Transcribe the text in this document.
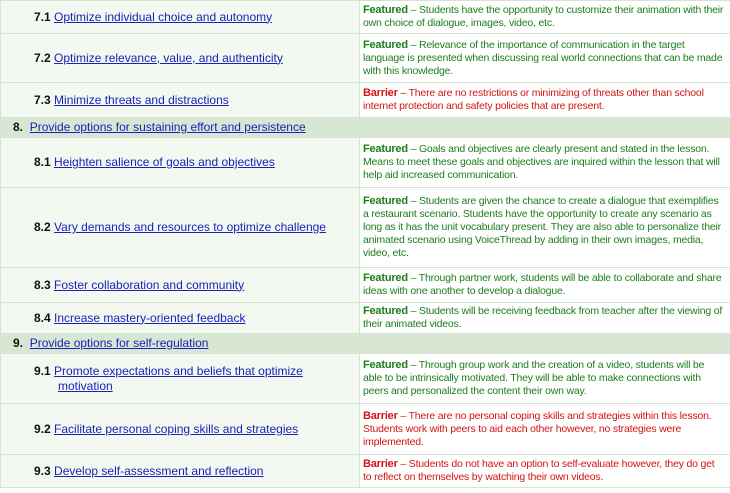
7.1 Optimize individual choice and autonomy	Featured – Students have the opportunity to customize their animation with their own choice of dialogue, images, video, etc.

7.2 Optimize relevance, value, and authenticity	Featured – Relevance of the importance of communication in the target language is presented when discussing real world connections that can be made with this knowledge.

7.3 Minimize threats and distractions	Barrier – There are no restrictions or minimizing of threats other than school internet protection and safety policies that are present.

8. Provide options for sustaining effort and persistence	

8.1 Heighten salience of goals and objectives	Featured – Goals and objectives are clearly present and stated in the lesson. Means to meet these goals and objectives are inquired within the lesson that will help aid increased communication.

8.2 Vary demands and resources to optimize challenge	Featured – Students are given the chance to create a dialogue that exemplifies a restaurant scenario. Students have the opportunity to create any scenario as long as it has the unit vocabulary present. They are also able to personalize their animated scenario using VoiceThread by adding in their own images, media, video, etc.

8.3 Foster collaboration and community	Featured – Through partner work, students will be able to collaborate and share ideas with one another to develop a dialogue.

8.4 Increase mastery-oriented feedback	Featured – Students will be receiving feedback from teacher after the viewing of their animated videos.

9. Provide options for self-regulation	

9.1 Promote expectations and beliefs that optimize
motivation	Featured – Through group work and the creation of a video, students will be able to be intrinsically motivated. They will be able to make connections with peers and personalized the content their own way.

9.2 Facilitate personal coping skills and strategies	Barrier – There are no personal coping skills and strategies within this lesson. Students work with peers to aid each other however, no strategies were implemented.

9.3 Develop self-assessment and reflection	Barrier – Students do not have an option to self-evaluate however, they do get to reflect on themselves by watching their own videos.
